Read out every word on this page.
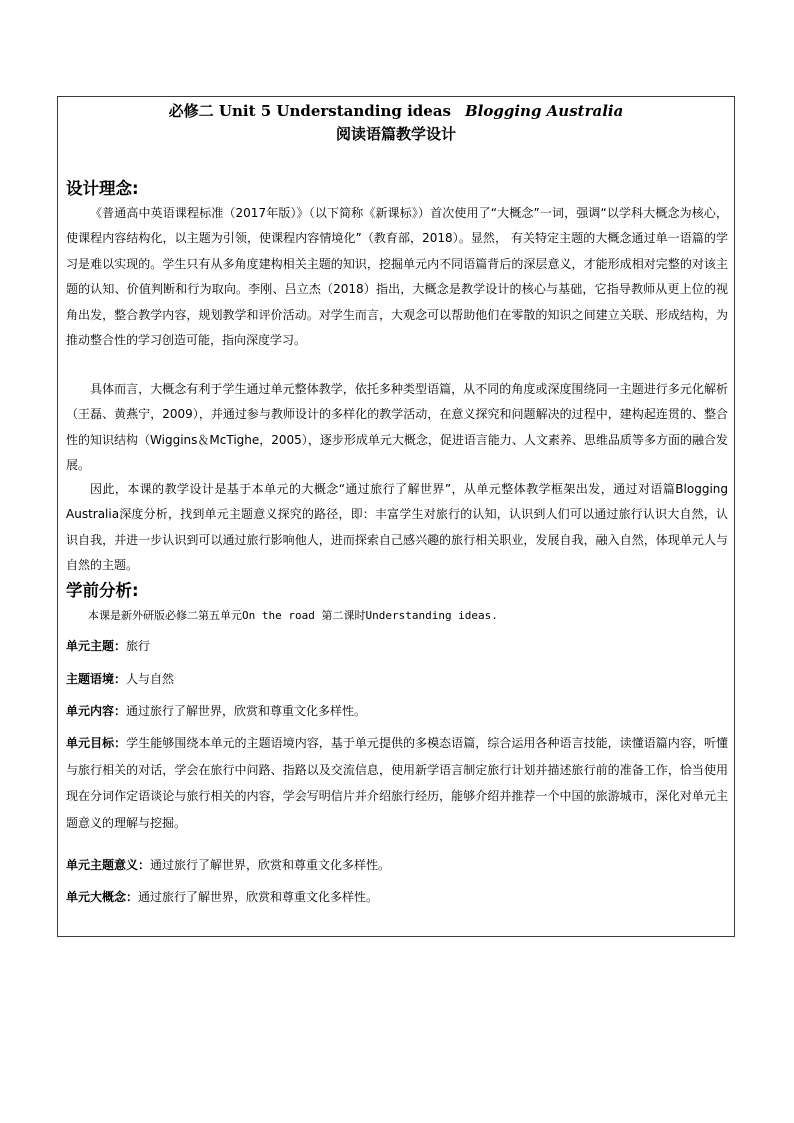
必修二 Unit 5 Understanding ideas Blogging Australia
阅读语篇教学设计
设计理念:

《普通高中英语课程标准（2017年版）》（以下简称《新课标》）首次使用了“大概念”一词，强调“以学科大概念为核心，使课程内容结构化，以主题为引领，使课程内容情境化”（教育部，2018）。显然， 有关特定主题的大概念通过单一语篇的学习是难以实现的。学生只有从多角度建构相关主题的知识，挖掘单元内不同语篇背后的深层意义，才能形成相对完整的对该主题的认知、价值判断和行为取向。李刚、吕立杰（2018）指出，大概念是教学设计的核心与基础，它指导教师从更上位的视角出发，整合教学内容，规划教学和评价活动。对学生而言，大观念可以帮助他们在零散的知识之间建立关联、形成结构，为推动整合性的学习创造可能，指向深度学习。

具体而言，大概念有利于学生通过单元整体教学，依托多种类型语篇，从不同的角度或深度围绕同一主题进行多元化解析（王磊、黄燕宁，2009），并通过参与教师设计的多样化的教学活动，在意义探究和问题解决的过程中，建构起连贯的、整合性的知识结构（Wiggins＆McTighe，2005），逐步形成单元大概念，促进语言能力、人文素养、思维品质等多方面的融合发展。

因此，本课的教学设计是基于本单元的大概念“通过旅行了解世界”，从单元整体教学框架出发，通过对语篇Blogging Australia深度分析，找到单元主题意义探究的路径，即：丰富学生对旅行的认知，认识到人们可以通过旅行认识大自然，认识自我，并进一步认识到可以通过旅行影响他人，进而探索自己感兴趣的旅行相关职业，发展自我，融入自然，体现单元人与自然的主题。

学前分析:

本课是新外研版必修二第五单元On the road 第二课时Understanding ideas.

单元主题：旅行

主题语境：人与自然

单元内容：通过旅行了解世界，欣赏和尊重文化多样性。

单元目标：学生能够围绕本单元的主题语境内容，基于单元提供的多模态语篇，综合运用各种语言技能，读懂语篇内容，听懂与旅行相关的对话，学会在旅行中问路、指路以及交流信息，使用新学语言制定旅行计划并描述旅行前的准备工作，恰当使用现在分词作定语谈论与旅行相关的内容，学会写明信片并介绍旅行经历，能够介绍并推荐一个中国的旅游城市，深化对单元主题意义的理解与挖掘。

单元主题意义：通过旅行了解世界，欣赏和尊重文化多样性。

单元大概念：通过旅行了解世界，欣赏和尊重文化多样性。
